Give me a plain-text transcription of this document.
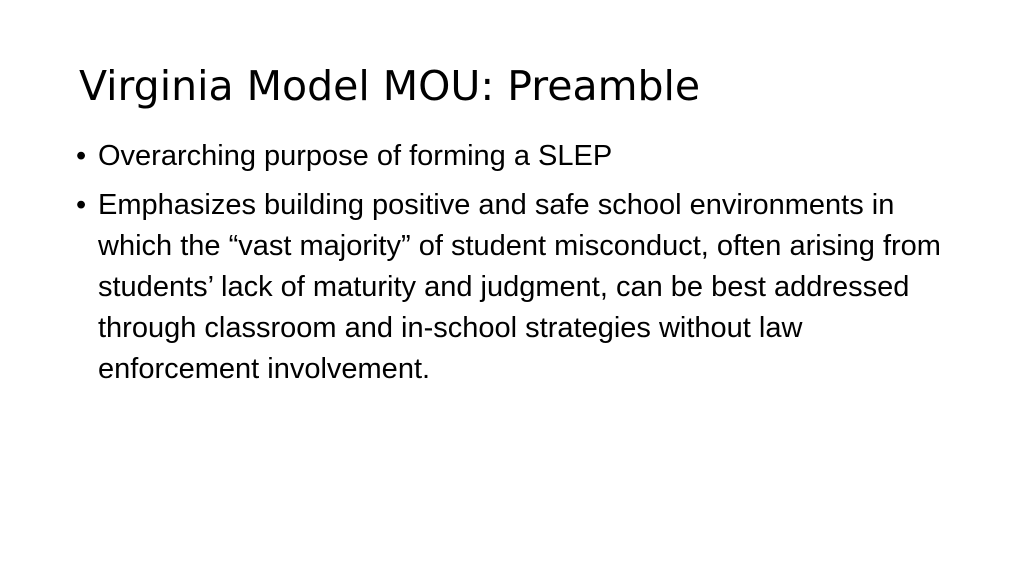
Virginia Model MOU: Preamble
• Overarching purpose of forming a SLEP
• Emphasizes building positive and safe school environments in which the “vast majority” of student misconduct, often arising from students’ lack of maturity and judgment, can be best addressed through classroom and in-school strategies without law enforcement involvement.
